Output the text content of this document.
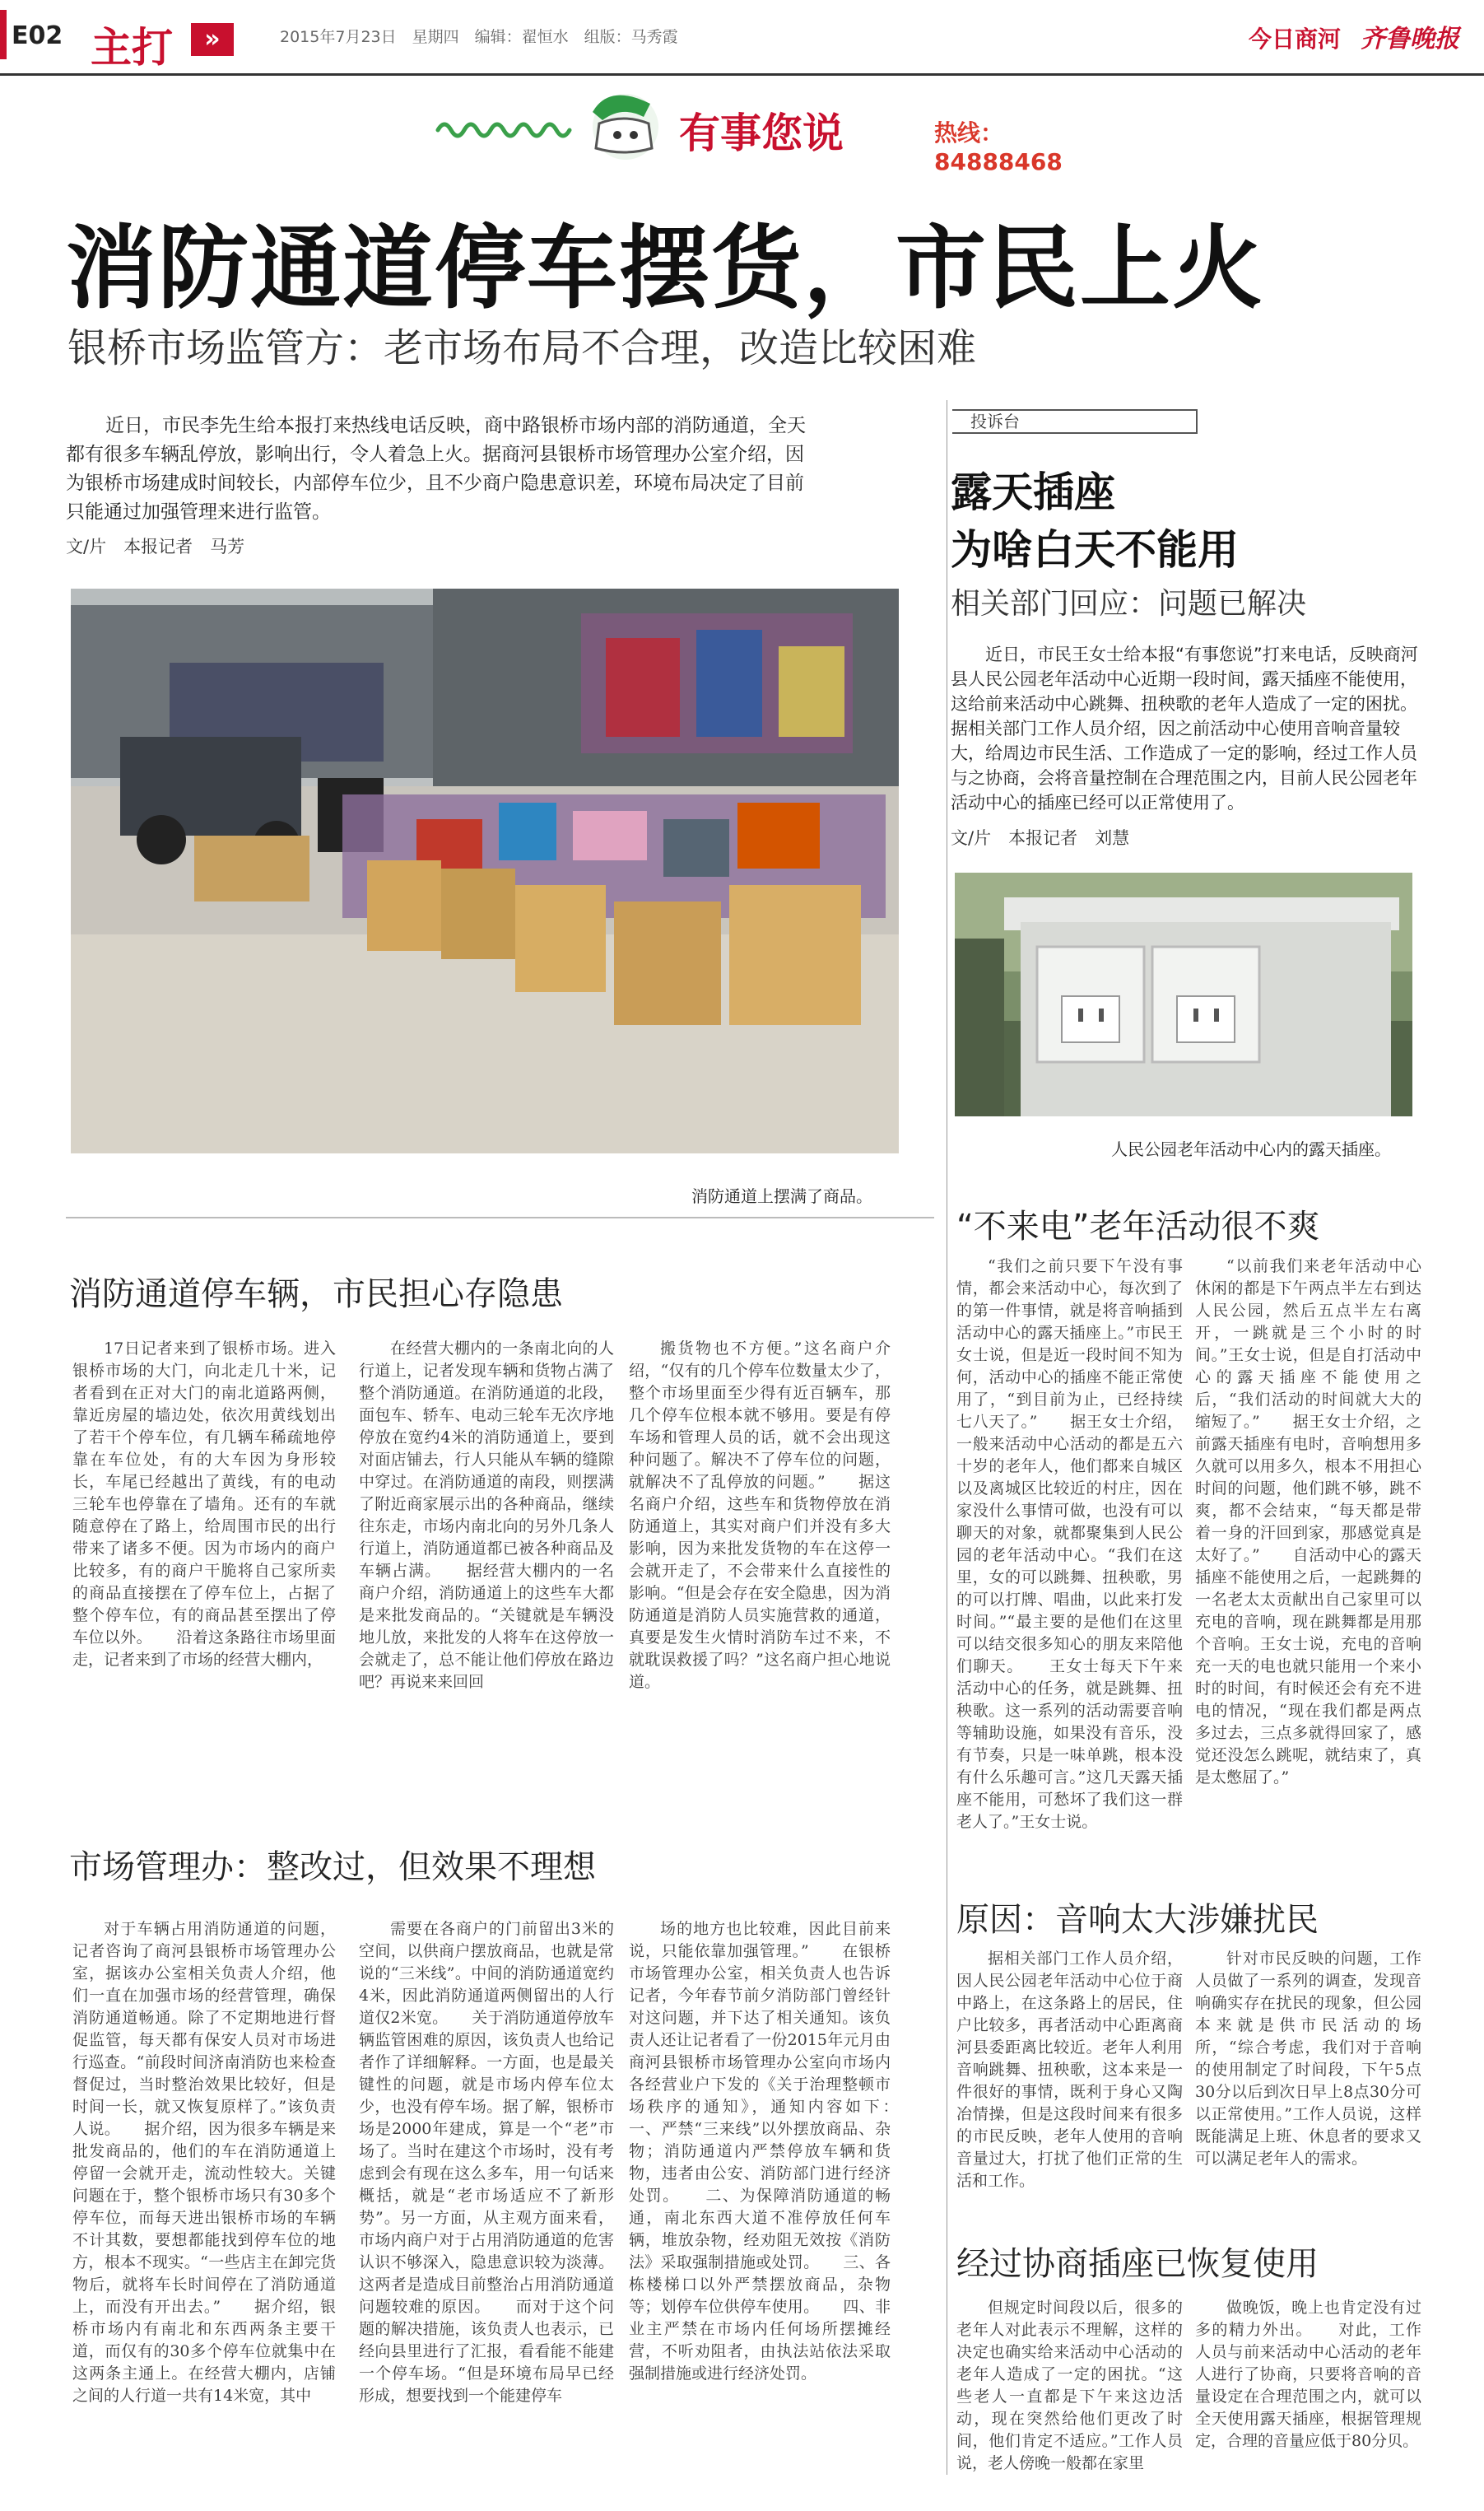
E02 主打	»	2015年7月23日　星期四　编辑：翟恒水　组版：马秀霞	今日商河 齐鲁晚报
有事您说	热线：84888468
消防通道停车摆货，市民上火
银桥市场监管方：老市场布局不合理，改造比较困难

近日，市民李先生给本报打来热线电话反映，商中路银桥市场内部的消防通道，全天都有很多车辆乱停放，影响出行，令人着急上火。据商河县银桥市场管理办公室介绍，因为银桥市场建成时间较长，内部停车位少，且不少商户隐患意识差，环境布局决定了目前只能通过加强管理来进行监管。

文/片　本报记者　马芳
消防通道上摆满了商品。
消防通道停车辆，市民担心存隐患

17日记者来到了银桥市场。进入银桥市场的大门，向北走几十米，记者看到在正对大门的南北道路两侧，靠近房屋的墙边处，依次用黄线划出了若干个停车位，有几辆车稀疏地停靠在车位处，有的大车因为身形较长，车尾已经越出了黄线，有的电动三轮车也停靠在了墙角。还有的车就随意停在了路上，给周围市民的出行带来了诸多不便。因为市场内的商户比较多，有的商户干脆将自己家所卖的商品直接摆在了停车位上，占据了整个停车位，有的商品甚至摆出了停车位以外。　　沿着这条路往市场里面走，记者来到了市场的经营大棚内，

在经营大棚内的一条南北向的人行道上，记者发现车辆和货物占满了整个消防通道。在消防通道的北段，面包车、轿车、电动三轮车无次序地停放在宽约4米的消防通道上，要到对面店铺去，行人只能从车辆的缝隙中穿过。在消防通道的南段，则摆满了附近商家展示出的各种商品，继续往东走，市场内南北向的另外几条人行道上，消防通道都已被各种商品及车辆占满。　　据经营大棚内的一名商户介绍，消防通道上的这些车大都是来批发商品的。“关键就是车辆没地儿放，来批发的人将车在这停放一会就走了，总不能让他们停放在路边吧？再说来来回回

搬货物也不方便。”这名商户介绍，“仅有的几个停车位数量太少了，整个市场里面至少得有近百辆车，那几个停车位根本就不够用。要是有停车场和管理人员的话，就不会出现这种问题了。解决不了停车位的问题，就解决不了乱停放的问题。”　　据这名商户介绍，这些车和货物停放在消防通道上，其实对商户们并没有多大影响，因为来批发货物的车在这停一会就开走了，不会带来什么直接性的影响。“但是会存在安全隐患，因为消防通道是消防人员实施营救的通道，真要是发生火情时消防车过不来，不就耽误救援了吗？”这名商户担心地说道。

市场管理办：整改过，但效果不理想

对于车辆占用消防通道的问题，记者咨询了商河县银桥市场管理办公室，据该办公室相关负责人介绍，他们一直在加强市场的经营管理，确保消防通道畅通。除了不定期地进行督促监管，每天都有保安人员对市场进行巡查。“前段时间济南消防也来检查督促过，当时整治效果比较好，但是时间一长，就又恢复原样了。”该负责人说。　　据介绍，因为很多车辆是来批发商品的，他们的车在消防通道上停留一会就开走，流动性较大。关键问题在于，整个银桥市场只有30多个停车位，而每天进出银桥市场的车辆不计其数，要想都能找到停车位的地方，根本不现实。“一些店主在卸完货物后，就将车长时间停在了消防通道上，而没有开出去。”　　据介绍，银桥市场内有南北和东西两条主要干道，而仅有的30多个停车位就集中在这两条主通上。在经营大棚内，店铺之间的人行道一共有14米宽，其中

需要在各商户的门前留出3米的空间，以供商户摆放商品，也就是常说的“三米线”。中间的消防通道宽约4米，因此消防通道两侧留出的人行道仅2米宽。　　关于消防通道停放车辆监管困难的原因，该负责人也给记者作了详细解释。一方面，也是最关键性的问题，就是市场内停车位太少，也没有停车场。据了解，银桥市场是2000年建成，算是一个“老”市场了。当时在建这个市场时，没有考虑到会有现在这么多车，用一句话来概括，就是“老市场适应不了新形势”。另一方面，从主观方面来看，市场内商户对于占用消防通道的危害认识不够深入，隐患意识较为淡薄。这两者是造成目前整治占用消防通道问题较难的原因。　　而对于这个问题的解决措施，该负责人也表示，已经向县里进行了汇报，看看能不能建一个停车场。“但是环境布局早已经形成，想要找到一个能建停车

场的地方也比较难，因此目前来说，只能依靠加强管理。”　　在银桥市场管理办公室，相关负责人也告诉记者，今年春节前夕消防部门曾经针对这问题，并下达了相关通知。该负责人还让记者看了一份2015年元月由商河县银桥市场管理办公室向市场内各经营业户下发的《关于治理整顿市场秩序的通知》，通知内容如下：　　一、严禁“三来线”以外摆放商品、杂物；消防通道内严禁停放车辆和货物，违者由公安、消防部门进行经济处罚。　　二、为保障消防通道的畅通，南北东西大道不准停放任何车辆，堆放杂物，经劝阻无效按《消防法》采取强制措施或处罚。　　三、各栋楼梯口以外严禁摆放商品，杂物等；划停车位供停车使用。　　四、非业主严禁在市场内任何场所摆摊经营，不听劝阻者，由执法站依法采取强制措施或进行经济处罚。

投诉台
露天插座
为啥白天不能用
相关部门回应：问题已解决

近日，市民王女士给本报“有事您说”打来电话，反映商河县人民公园老年活动中心近期一段时间，露天插座不能使用，这给前来活动中心跳舞、扭秧歌的老年人造成了一定的困扰。据相关部门工作人员介绍，因之前活动中心使用音响音量较大，给周边市民生活、工作造成了一定的影响，经过工作人员与之协商，会将音量控制在合理范围之内，目前人民公园老年活动中心的插座已经可以正常使用了。

文/片　本报记者　刘慧
人民公园老年活动中心内的露天插座。
“不来电”老年活动很不爽

“我们之前只要下午没有事情，都会来活动中心，每次到了的第一件事情，就是将音响插到活动中心的露天插座上。”市民王女士说，但是近一段时间不知为何，活动中心的插座不能正常使用了，“到目前为止，已经持续七八天了。”　　据王女士介绍，一般来活动中心活动的都是五六十岁的老年人，他们都来自城区以及离城区比较近的村庄，因在家没什么事情可做，也没有可以聊天的对象，就都聚集到人民公园的老年活动中心。“我们在这里，女的可以跳舞、扭秧歌，男的可以打牌、唱曲，以此来打发时间。”“最主要的是他们在这里可以结交很多知心的朋友来陪他们聊天。　　王女士每天下午来活动中心的任务，就是跳舞、扭秧歌。这一系列的活动需要音响等辅助设施，如果没有音乐，没有节奏，只是一味单跳，根本没有什么乐趣可言。”这几天露天插座不能用，可愁坏了我们这一群老人了。”王女士说。

“以前我们来老年活动中心休闲的都是下午两点半左右到达人民公园，然后五点半左右离开，一跳就是三个小时的时间。”王女士说，但是自打活动中心的露天插座不能使用之后，“我们活动的时间就大大的缩短了。”　　据王女士介绍，之前露天插座有电时，音响想用多久就可以用多久，根本不用担心时间的问题，他们跳不够，跳不爽，都不会结束，“每天都是带着一身的汗回到家，那感觉真是太好了。”　　自活动中心的露天插座不能使用之后，一起跳舞的一名老太太贡献出自己家里可以充电的音响，现在跳舞都是用那个音响。王女士说，充电的音响充一天的电也就只能用一个来小时的时间，有时候还会有充不进电的情况，“现在我们都是两点多过去，三点多就得回家了，感觉还没怎么跳呢，就结束了，真是太憋屈了。”

原因：音响太大涉嫌扰民

据相关部门工作人员介绍，因人民公园老年活动中心位于商中路上，在这条路上的居民，住户比较多，再者活动中心距离商河县委距离比较近。老年人利用音响跳舞、扭秧歌，这本来是一件很好的事情，既利于身心又陶冶情操，但是这段时间来有很多的市民反映，老年人使用的音响音量过大，打扰了他们正常的生活和工作。

针对市民反映的问题，工作人员做了一系列的调查，发现音响确实存在扰民的现象，但公园本来就是供市民活动的场所，“综合考虑，我们对于音响的使用制定了时间段，下午5点30分以后到次日早上8点30分可以正常使用。”工作人员说，这样既能满足上班、休息者的要求又可以满足老年人的需求。

经过协商插座已恢复使用

但规定时间段以后，很多的老年人对此表示不理解，这样的决定也确实给来活动中心活动的老年人造成了一定的困扰。“这些老人一直都是下午来这边活动，现在突然给他们更改了时间，他们肯定不适应。”工作人员说，老人傍晚一般都在家里

做晚饭，晚上也肯定没有过多的精力外出。　　对此，工作人员与前来活动中心活动的老年人进行了协商，只要将音响的音量设定在合理范围之内，就可以全天使用露天插座，根据管理规定，合理的音量应低于80分贝。
